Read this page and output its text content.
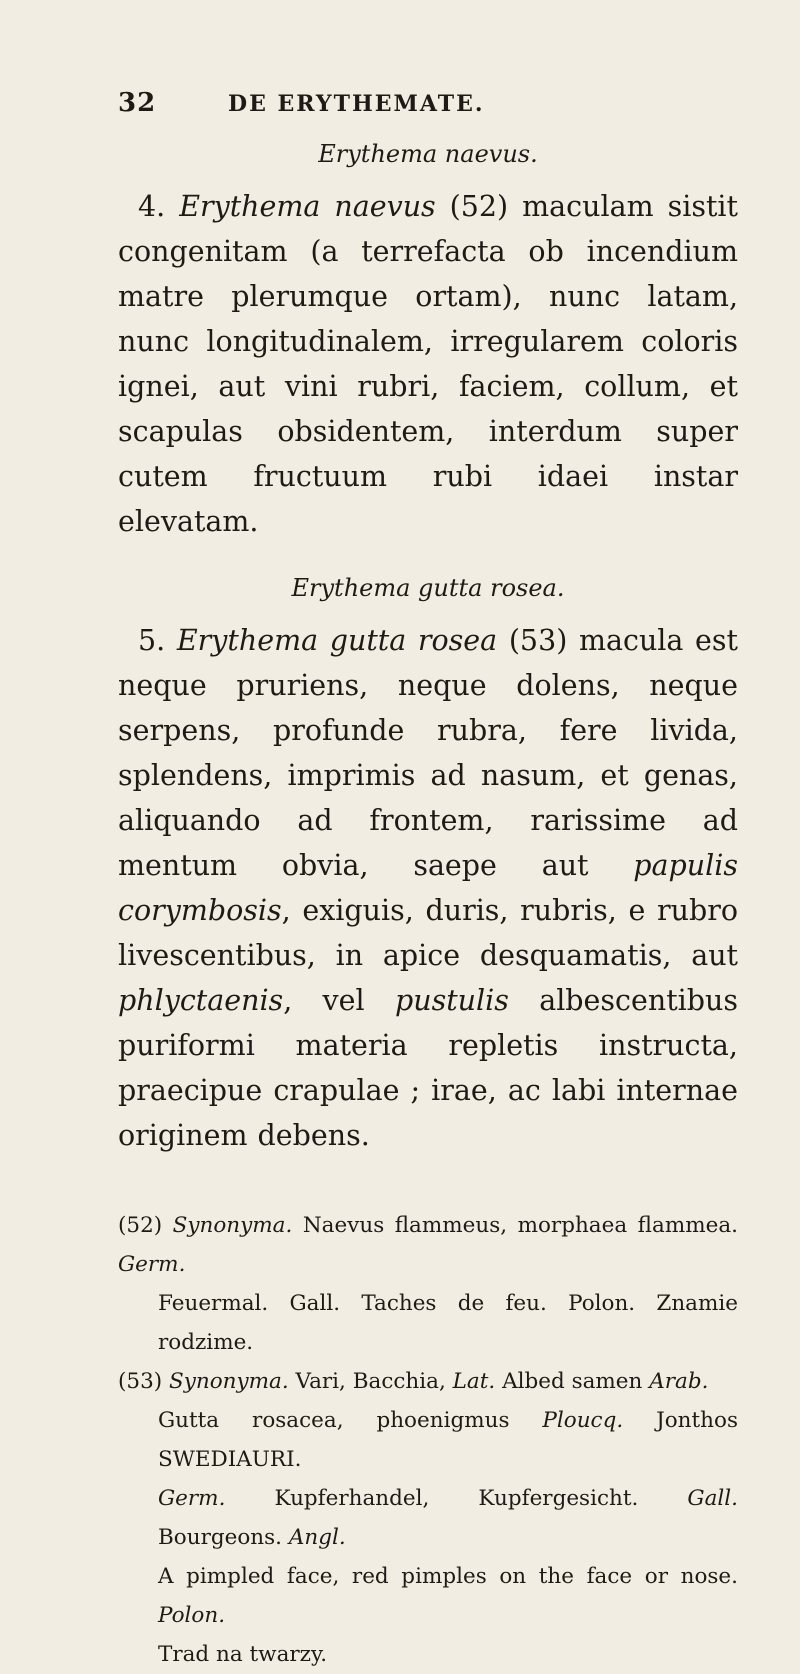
32	DE ERYTHEMATE.
Erythema naevus.

4. Erythema naevus (52) maculam sistit congenitam (a terrefacta ob incendium matre plerumque ortam), nunc latam, nunc longitudinalem, irregularem coloris ignei, aut vini rubri, faciem, collum, et scapulas obsidentem, interdum super cutem fructuum rubi idaei instar elevatam.

Erythema gutta rosea.

5. Erythema gutta rosea (53) macula est neque pruriens, neque dolens, neque serpens, profunde rubra, fere livida, splendens, imprimis ad nasum, et genas, aliquando ad frontem, rarissime ad mentum obvia, saepe aut papulis corymbosis, exiguis, duris, rubris, e rubro livescentibus, in apice desquamatis, aut phlyctaenis, vel pustulis albescentibus puriformi materia repletis instructa, praecipue crapulae ; irae, ac labi internae originem debens.

(52) Synonyma. Naevus flammeus, morphaea flammea. Germ.

Feuermal. Gall. Taches de feu. Polon. Znamie rodzime.

(53) Synonyma. Vari, Bacchia, Lat. Albed samen Arab.

Gutta rosacea, phoenigmus Ploucq. Jonthos SWEDIAURI.

Germ. Kupferhandel, Kupfergesicht. Gall. Bourgeons. Angl.

A pimpled face, red pimples on the face or nose. Polon.

Trad na twarzy.
